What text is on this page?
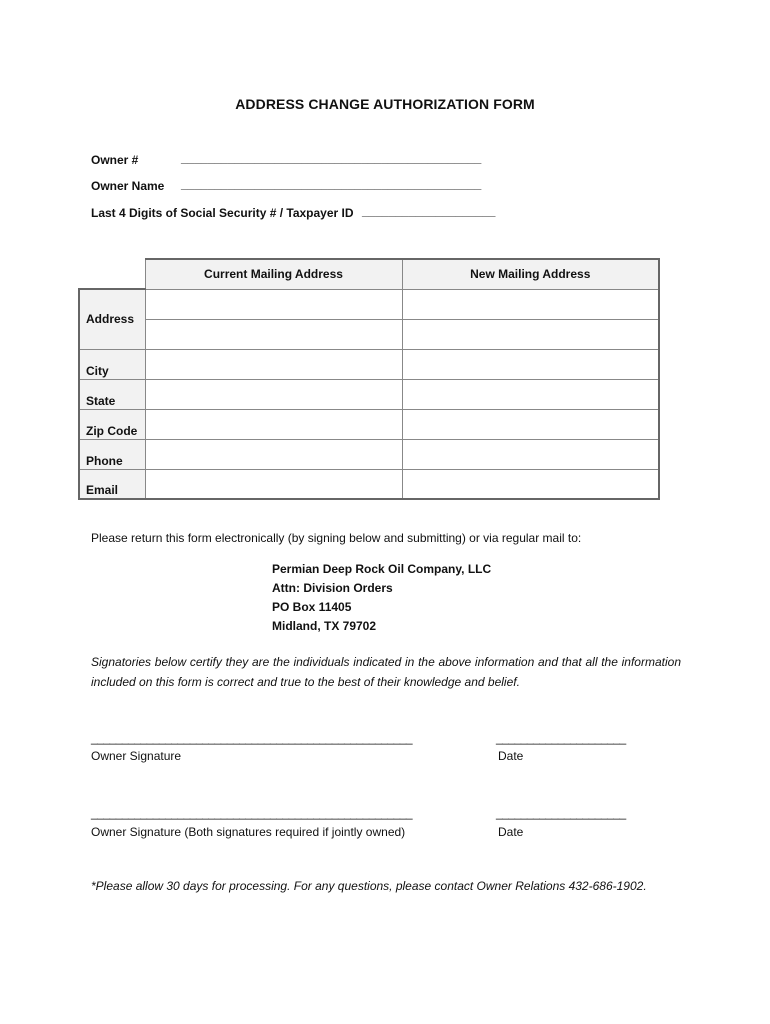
ADDRESS CHANGE AUTHORIZATION FORM
Owner #	_____________________________________________
Owner Name _____________________________________________
Last 4 Digits of Social Security # / Taxpayer ID ____________________
	Current Mailing Address	New Mailing Address
Address		

City		
State		
Zip Code		
Phone		
Email		
Please return this form electronically (by signing below and submitting) or via regular mail to:
Permian Deep Rock Oil Company, LLC
Attn: Division Orders
PO Box 11405
Midland, TX 79702
Signatories below certify they are the individuals indicated in the above information and that all the information included on this form is correct and true to the best of their knowledge and belief.
____________________________________________________	_____________________
Owner Signature	Date
____________________________________________________	_____________________
Owner Signature (Both signatures required if jointly owned)	Date
*Please allow 30 days for processing. For any questions, please contact Owner Relations 432-686-1902.
